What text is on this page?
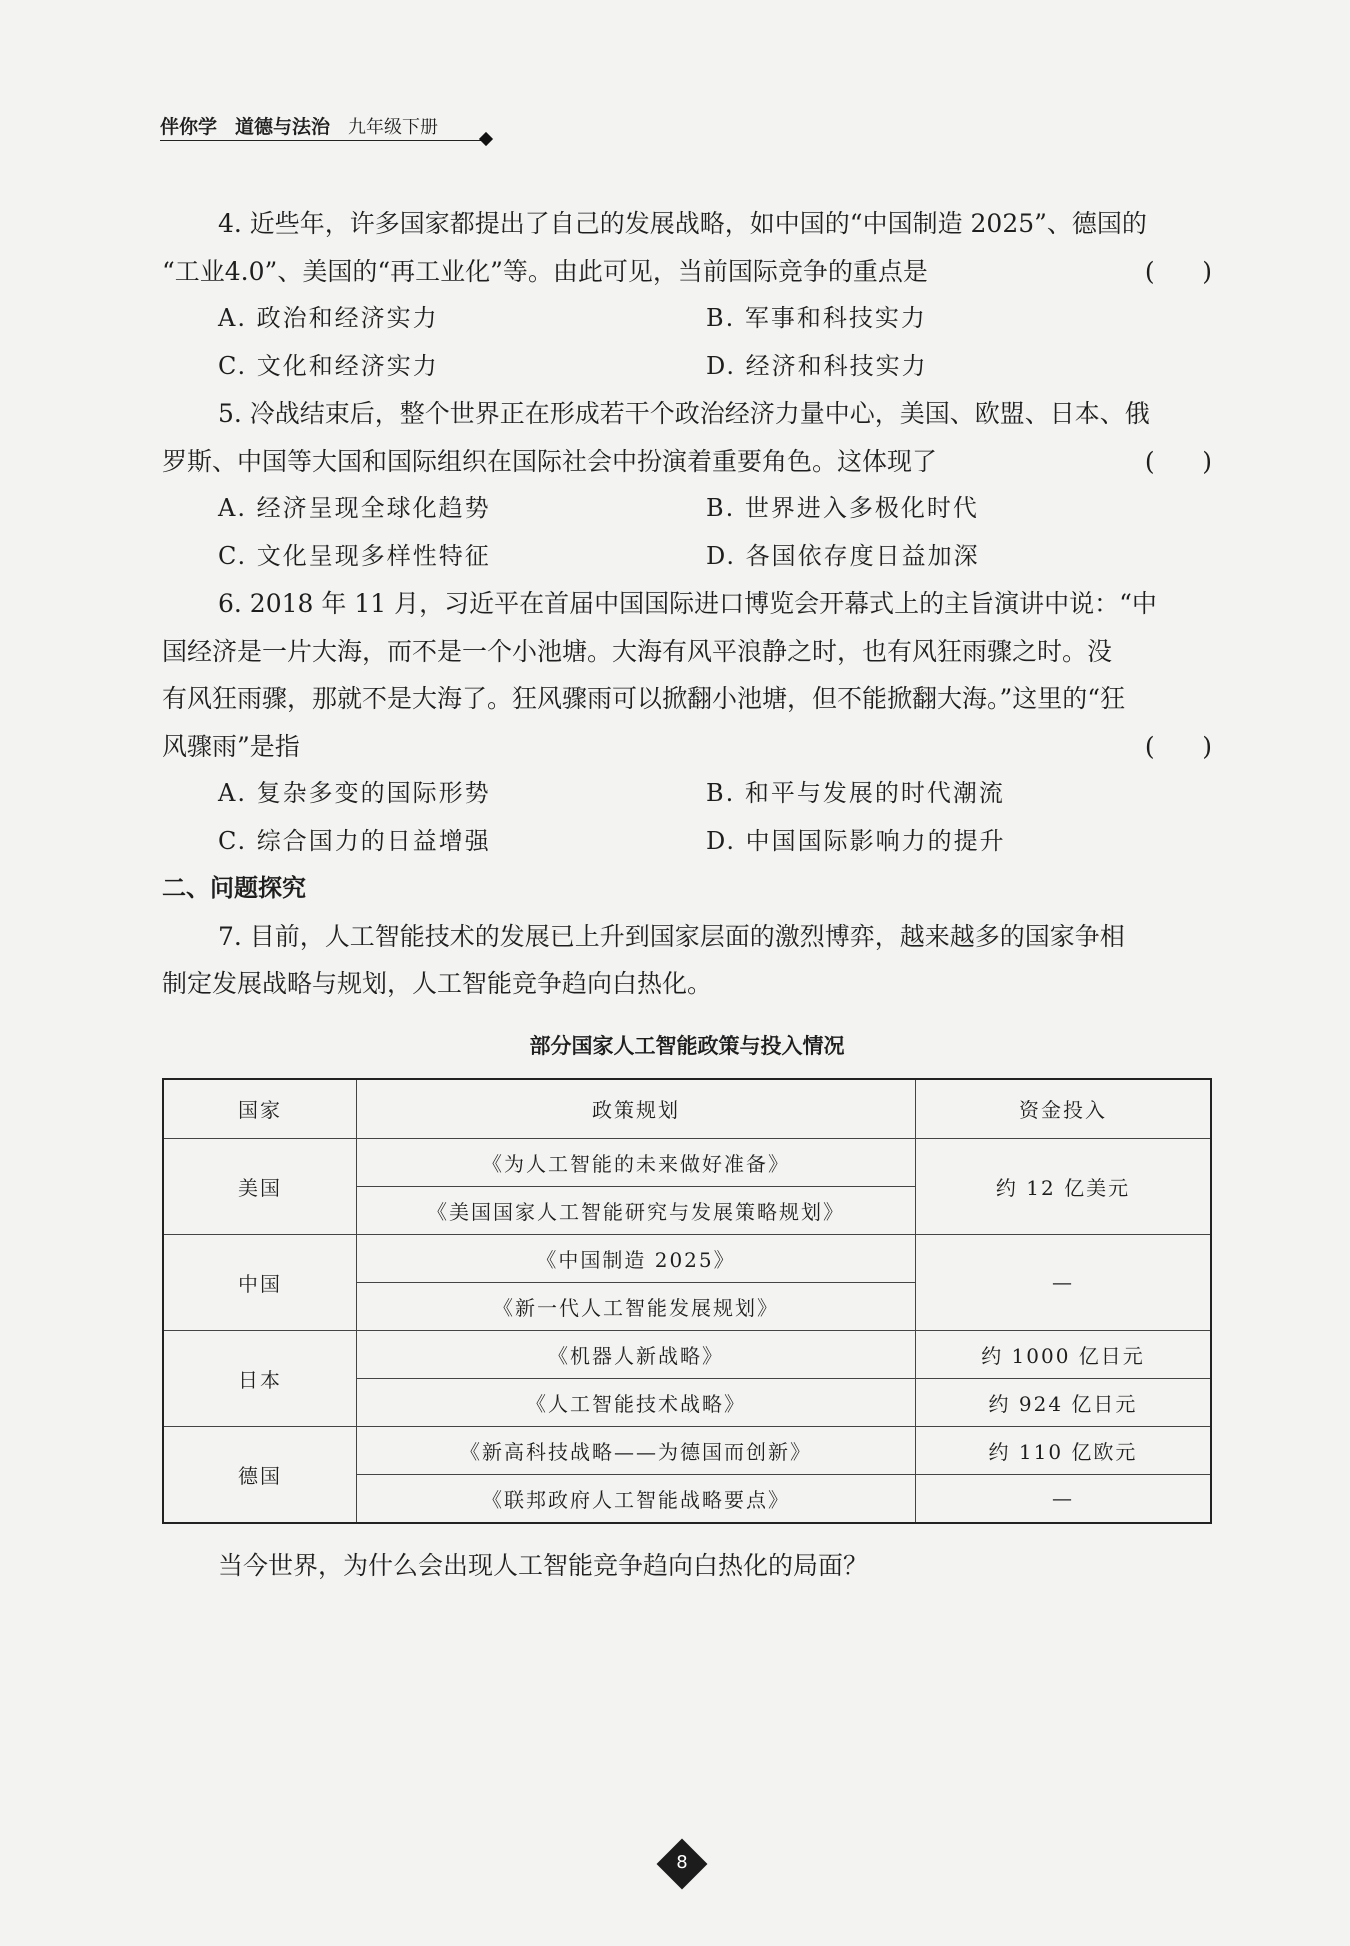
伴你学 道德与法治 九年级下册

4. 近些年，许多国家都提出了自己的发展战略，如中国的“中国制造 2025”、德国的

“工业4.0”、美国的“再工业化”等。由此可见，当前国际竞争的重点是	(      )
A. 政治和经济实力	B. 军事和科技实力
C. 文化和经济实力	D. 经济和科技实力

5. 冷战结束后，整个世界正在形成若干个政治经济力量中心，美国、欧盟、日本、俄

罗斯、中国等大国和国际组织在国际社会中扮演着重要角色。这体现了	(      )
A. 经济呈现全球化趋势	B. 世界进入多极化时代
C. 文化呈现多样性特征	D. 各国依存度日益加深

6. 2018 年 11 月，习近平在首届中国国际进口博览会开幕式上的主旨演讲中说：“中

国经济是一片大海，而不是一个小池塘。大海有风平浪静之时，也有风狂雨骤之时。没

有风狂雨骤，那就不是大海了。狂风骤雨可以掀翻小池塘，但不能掀翻大海。”这里的“狂

风骤雨”是指	(      )
A. 复杂多变的国际形势	B. 和平与发展的时代潮流
C. 综合国力的日益增强	D. 中国国际影响力的提升

二、问题探究

7. 目前，人工智能技术的发展已上升到国家层面的激烈博弈，越来越多的国家争相

制定发展战略与规划，人工智能竞争趋向白热化。

部分国家人工智能政策与投入情况
国家	政策规划	资金投入
美国	《为人工智能的未来做好准备》	约 12 亿美元
	《美国国家人工智能研究与发展策略规划》	
中国	《中国制造 2025》	—
	《新一代人工智能发展规划》	
日本	《机器人新战略》	约 1000 亿日元
	《人工智能技术战略》	约 924 亿日元
德国	《新高科技战略——为德国而创新》	约 110 亿欧元
	《联邦政府人工智能战略要点》	—

当今世界，为什么会出现人工智能竞争趋向白热化的局面？

8
